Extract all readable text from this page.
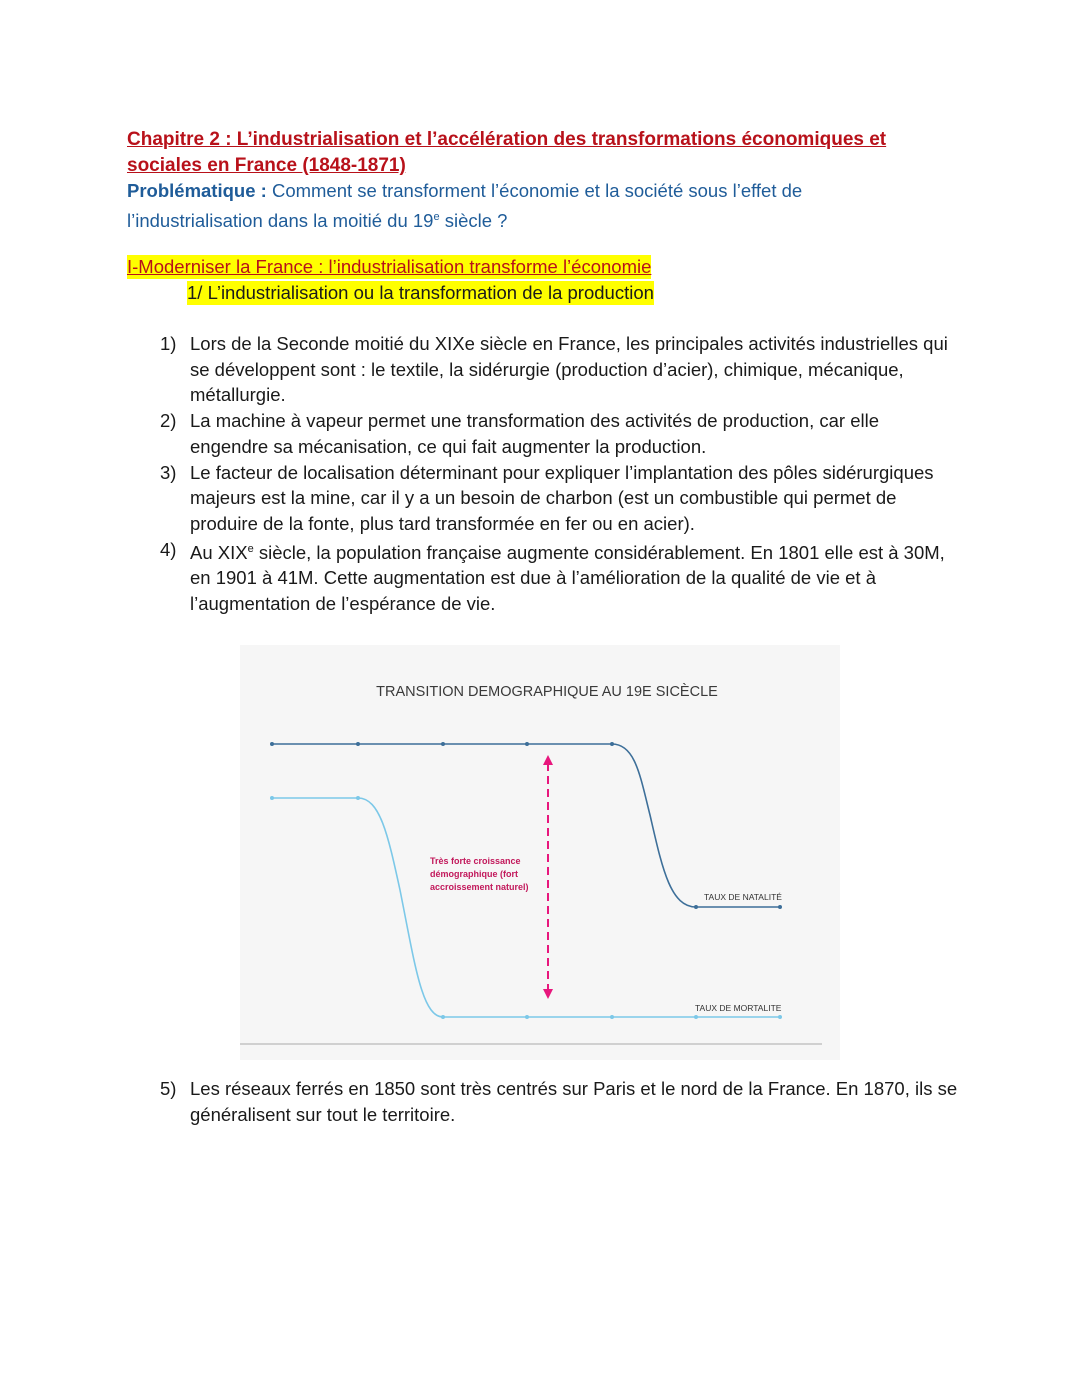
Chapitre 2 : L’industrialisation et l’accélération des transformations économiques et sociales en France (1848-1871)
Problématique : Comment se transforment l’économie et la société sous l’effet de l’industrialisation dans la moitié du 19e siècle ?
I-Moderniser la France : l’industrialisation transforme l’économie
1/ L’industrialisation ou la transformation de la production
1) Lors de la Seconde moitié du XIXe siècle en France, les principales activités industrielles qui se développent sont : le textile, la sidérurgie (production d’acier), chimique, mécanique, métallurgie.
2) La machine à vapeur permet une transformation des activités de production, car elle engendre sa mécanisation, ce qui fait augmenter la production.
3) Le facteur de localisation déterminant pour expliquer l’implantation des pôles sidérurgiques majeurs est la mine, car il y a un besoin de charbon (est un combustible qui permet de produire de la fonte, plus tard transformée en fer ou en acier).
4) Au XIXe siècle, la population française augmente considérablement. En 1801 elle est à 30M, en 1901 à 41M. Cette augmentation est due à l’amélioration de la qualité de vie et à l’augmentation de l’espérance de vie.
TRANSITION DEMOGRAPHIQUE AU 19E SICÈCLE
TAUX DE NATALITÉ
TAUX DE MORTALITE
Très forte croissance démographique (fort accroissement naturel)
5) Les réseaux ferrés en 1850 sont très centrés sur Paris et le nord de la France. En 1870, ils se généralisent sur tout le territoire.
